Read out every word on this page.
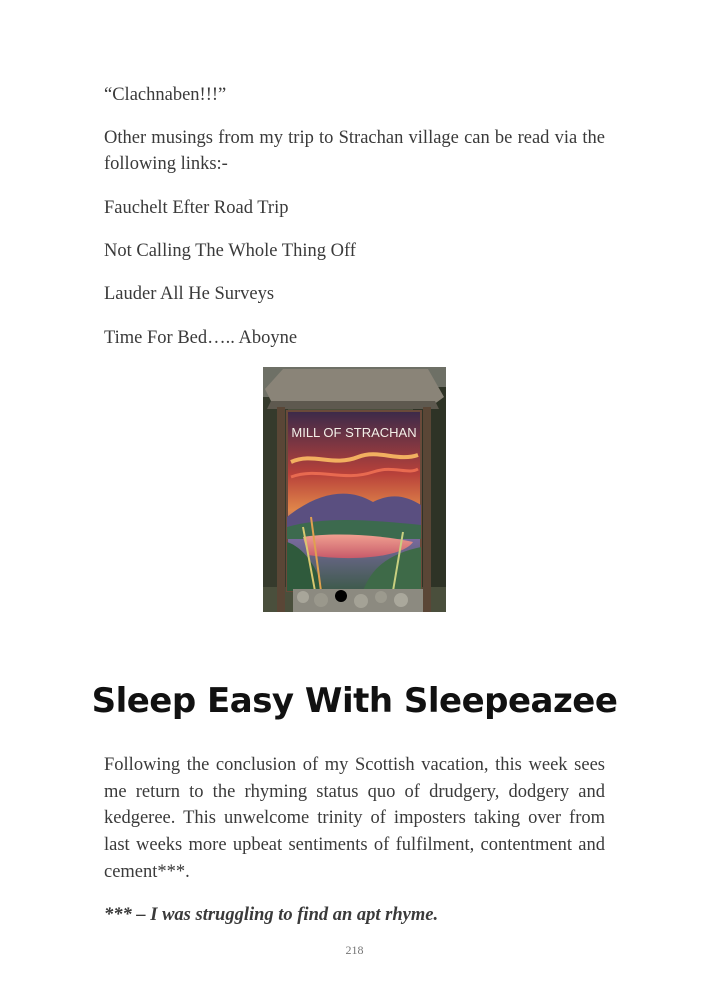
“Clachnaben!!!”

Other musings from my trip to Strachan village can be read via the following links:-

Fauchelt Efter Road Trip

Not Calling The Whole Thing Off

Lauder All He Surveys

Time For Bed….. Aboyne

MILL OF STRACHAN
Sleep Easy With Sleepeazee

Following the conclusion of my Scottish vacation, this week sees me return to the rhyming status quo of drudgery, dodgery and kedgeree. This unwelcome trinity of imposters taking over from last weeks more upbeat sentiments of fulfilment, contentment and cement***.

*** – I was struggling to find an apt rhyme.

218
